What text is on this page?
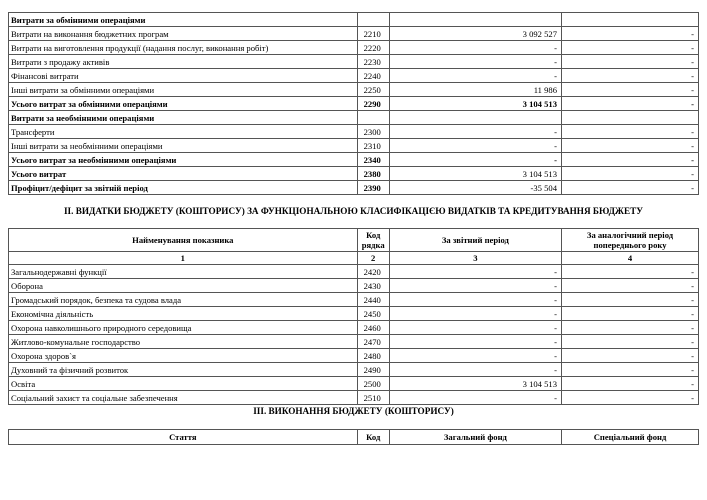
Витрати за обмінними операціями			
Витрати на виконання бюджетних програм	2210	3 092 527	-
Витрати на виготовлення продукції (надання послуг, виконання робіт)	2220	-	-
Витрати з продажу активів	2230	-	-
Фінансові витрати	2240	-	-
Інші витрати за обмінними операціями	2250	11 986	-
Усього витрат за обмінними операціями	2290	3 104 513	-
Витрати за необмінними операціями			
Трансферти	2300	-	-
Інші витрати за необмінними операціями	2310	-	-
Усього витрат за необмінними операціями	2340	-	-
Усього витрат	2380	3 104 513	-
Профіцит/дефіцит за звітній період	2390	-35 504	-
ІІ. ВИДАТКИ БЮДЖЕТУ (КОШТОРИСУ) ЗА ФУНКЦІОНАЛЬНОЮ КЛАСИФІКАЦІЄЮ ВИДАТКІВ ТА КРЕДИТУВАННЯ БЮДЖЕТУ
Найменування показника	Код рядка	За звітний період	За аналогічний період попереднього року
1	2	3	4
Загальнодержавні функції	2420	-	-
Оборона	2430	-	-
Громадський порядок, безпека та судова влада	2440	-	-
Економічна діяльність	2450	-	-
Охорона навколишнього природного середовища	2460	-	-
Житлово-комунальне господарство	2470	-	-
Охорона здоров`я	2480	-	-
Духовний та фізичний розвиток	2490	-	-
Освіта	2500	3 104 513	-
Соціальний захист та соціальне забезпечення	2510	-	-
ІІІ. ВИКОНАННЯ БЮДЖЕТУ (КОШТОРИСУ)
Стаття	Код	Загальний фонд	Спеціальний фонд
